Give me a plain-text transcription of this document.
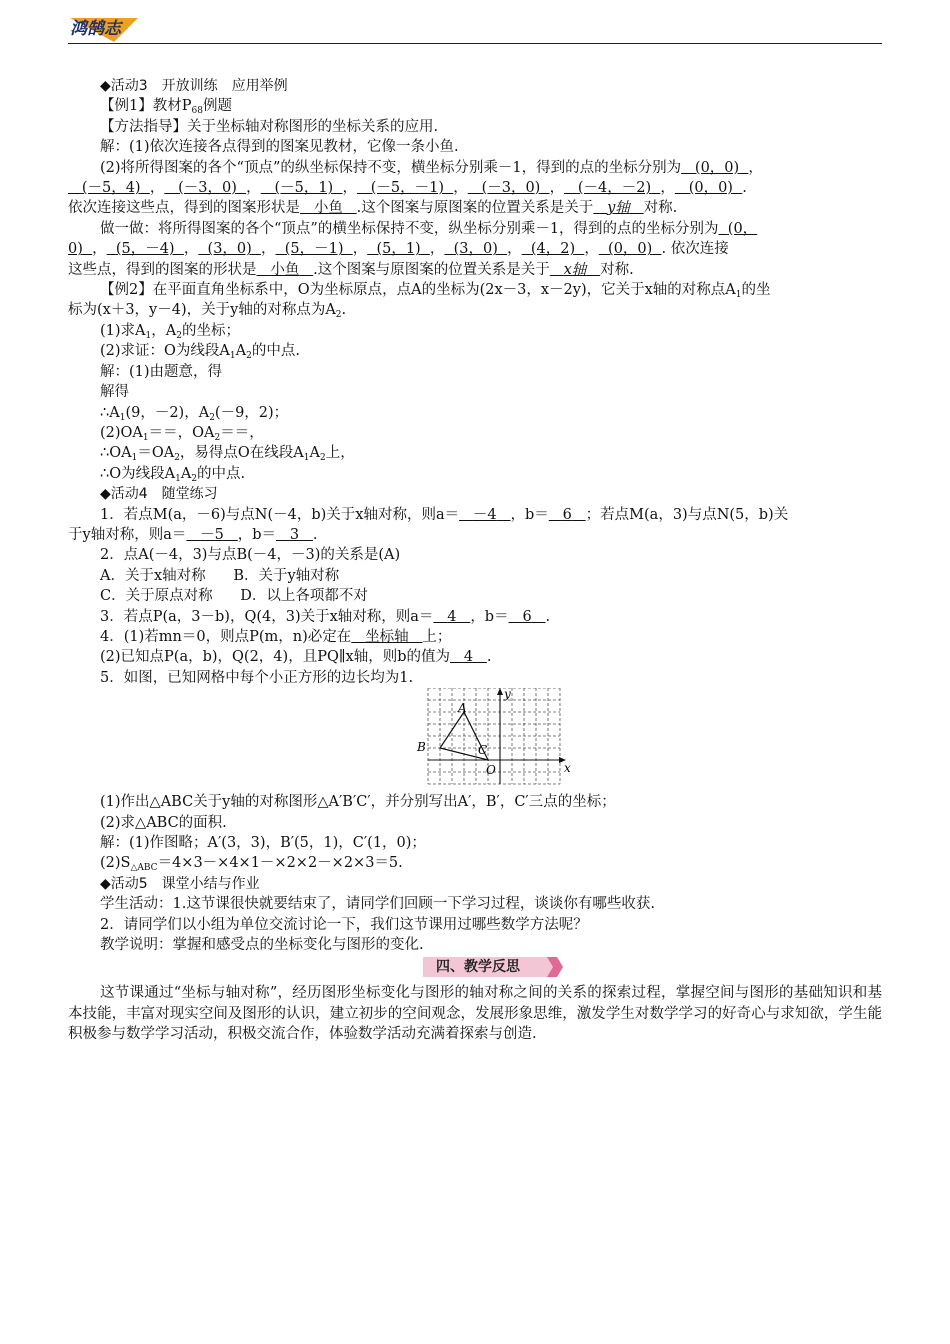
鸿鹄志

◆活动3　开放训练　应用举例

【例1】教材$P_{68}$例题

【方法指导】关于坐标轴对称图形的坐标关系的应用.

解：(1)依次连接各点得到的图案见教材，它像一条小鱼.

(2)将所得图案的各个“顶点”的纵坐标保持不变，横坐标分别乘－1，得到的点的坐标分别为 (0，0) ，

(－5，4) ， (－3，0) ， (－5，1) ， (－5，－1) ， (－3，0) ， (－4，－2) ， (0，0) .

依次连接这些点，得到的图案形状是 小鱼 .这个图案与原图案的位置关系是关于 y轴 对称.

做一做：将所得图案的各个“顶点”的横坐标保持不变，纵坐标分别乘－1，得到的点的坐标分别为 (0，

0) ， (5，－4) ， (3，0) ， (5，－1) ， (5，1) ， (3，0) ， (4，2) ， (0，0) . 依次连接

这些点，得到的图案的形状是 小鱼 .这个图案与原图案的位置关系是关于 x轴 对称.

【例2】在平面直角坐标系中，O为坐标原点，点A的坐标为(2x－3，x－2y)，它关于x轴的对称点$A_1$的坐

标为(x＋3，y－4)，关于y轴的对称点为$A_2$.

(1)求$A_1$，$A_2$的坐标；

(2)求证：O为线段$A_1A_2$的中点.

解：(1)由题意，得

解得

$\therefore A_1(9$，－2)，$A_2(-9$，2)；

$(2)OA_1==$，$OA_2==$，

$\therefore OA_1=OA_2$，易得点O在线段$A_1A_2$上，

∴O为线段$A_1A_2$的中点.

◆活动4　随堂练习

1．若点M(a，－6)与点N(－4，b)关于x轴对称，则a＝ －4 ，b＝ 6 ；若点M(a，3)与点N(5，b)关

于y轴对称，则a＝ －5 ，b＝ 3 .

2．点A(－4，3)与点B(－4，－3)的关系是(A)

A．关于x轴对称 B．关于y轴对称

C．关于原点对称 D．以上各项都不对

3．若点P(a，3－b)，Q(4，3)关于x轴对称，则a＝ 4 ，b＝ 6 .

4．(1)若mn＝0，则点P(m，n)必定在 坐标轴 上；

(2)已知点P(a，b)，Q(2，4)，且PQ∥x轴，则b的值为 4 .

5．如图，已知网格中每个小正方形的边长均为1.

A
B	C
O	x
y

(1)作出△ABC关于y轴的对称图形△A′B′C′，并分别写出A′，B′，C′三点的坐标；

(2)求△ABC的面积.

解：(1)作图略；A′(3，3)，B′(5，1)，C′(1，0)；

$(2)S_{\triangle ABC}=4\times 3-\times 4\times 1-\times 2\times 2-\times 2\times 3=5$.

◆活动5　课堂小结与作业

学生活动：1.这节课很快就要结束了，请同学们回顾一下学习过程，谈谈你有哪些收获.

2．请同学们以小组为单位交流讨论一下，我们这节课用过哪些数学方法呢？

教学说明：掌握和感受点的坐标变化与图形的变化.

四、教学反思

这节课通过“坐标与轴对称”，经历图形坐标变化与图形的轴对称之间的关系的探索过程，掌握空间与图形的基础知识和基本技能，丰富对现实空间及图形的认识，建立初步的空间观念，发展形象思维，激发学生对数学学习的好奇心与求知欲，学生能积极参与数学学习活动，积极交流合作，体验数学活动充满着探索与创造.
